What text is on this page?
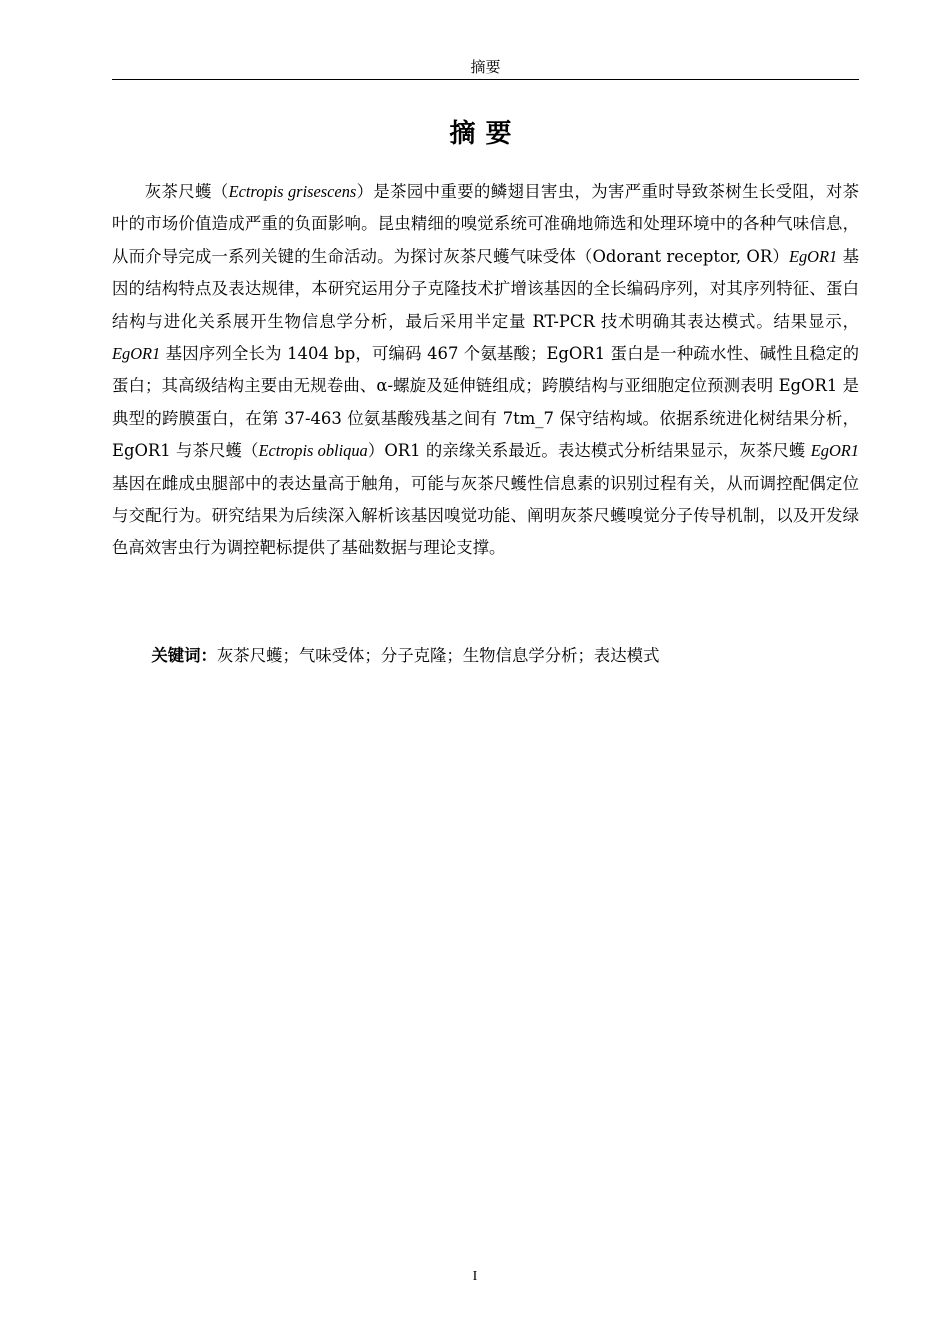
摘要
摘要

灰茶尺蠖（Ectropis grisescens）是茶园中重要的鳞翅目害虫，为害严重时导致茶树生长受阻，对茶叶的市场价值造成严重的负面影响。昆虫精细的嗅觉系统可准确地筛选和处理环境中的各种气味信息，从而介导完成一系列关键的生命活动。为探讨灰茶尺蠖气味受体（Odorant receptor, OR）EgOR1 基因的结构特点及表达规律，本研究运用分子克隆技术扩增该基因的全长编码序列，对其序列特征、蛋白结构与进化关系展开生物信息学分析，最后采用半定量 RT-PCR 技术明确其表达模式。结果显示，EgOR1 基因序列全长为 1404 bp，可编码 467 个氨基酸；EgOR1 蛋白是一种疏水性、碱性且稳定的蛋白；其高级结构主要由无规卷曲、α-螺旋及延伸链组成；跨膜结构与亚细胞定位预测表明 EgOR1 是典型的跨膜蛋白，在第 37-463 位氨基酸残基之间有 7tm_7 保守结构域。依据系统进化树结果分析，EgOR1 与茶尺蠖（Ectropis obliqua）OR1 的亲缘关系最近。表达模式分析结果显示，灰茶尺蠖 EgOR1 基因在雌成虫腿部中的表达量高于触角，可能与灰茶尺蠖性信息素的识别过程有关，从而调控配偶定位与交配行为。研究结果为后续深入解析该基因嗅觉功能、阐明灰茶尺蠖嗅觉分子传导机制，以及开发绿色高效害虫行为调控靶标提供了基础数据与理论支撑。

关键词：灰茶尺蠖；气味受体；分子克隆；生物信息学分析；表达模式
I
